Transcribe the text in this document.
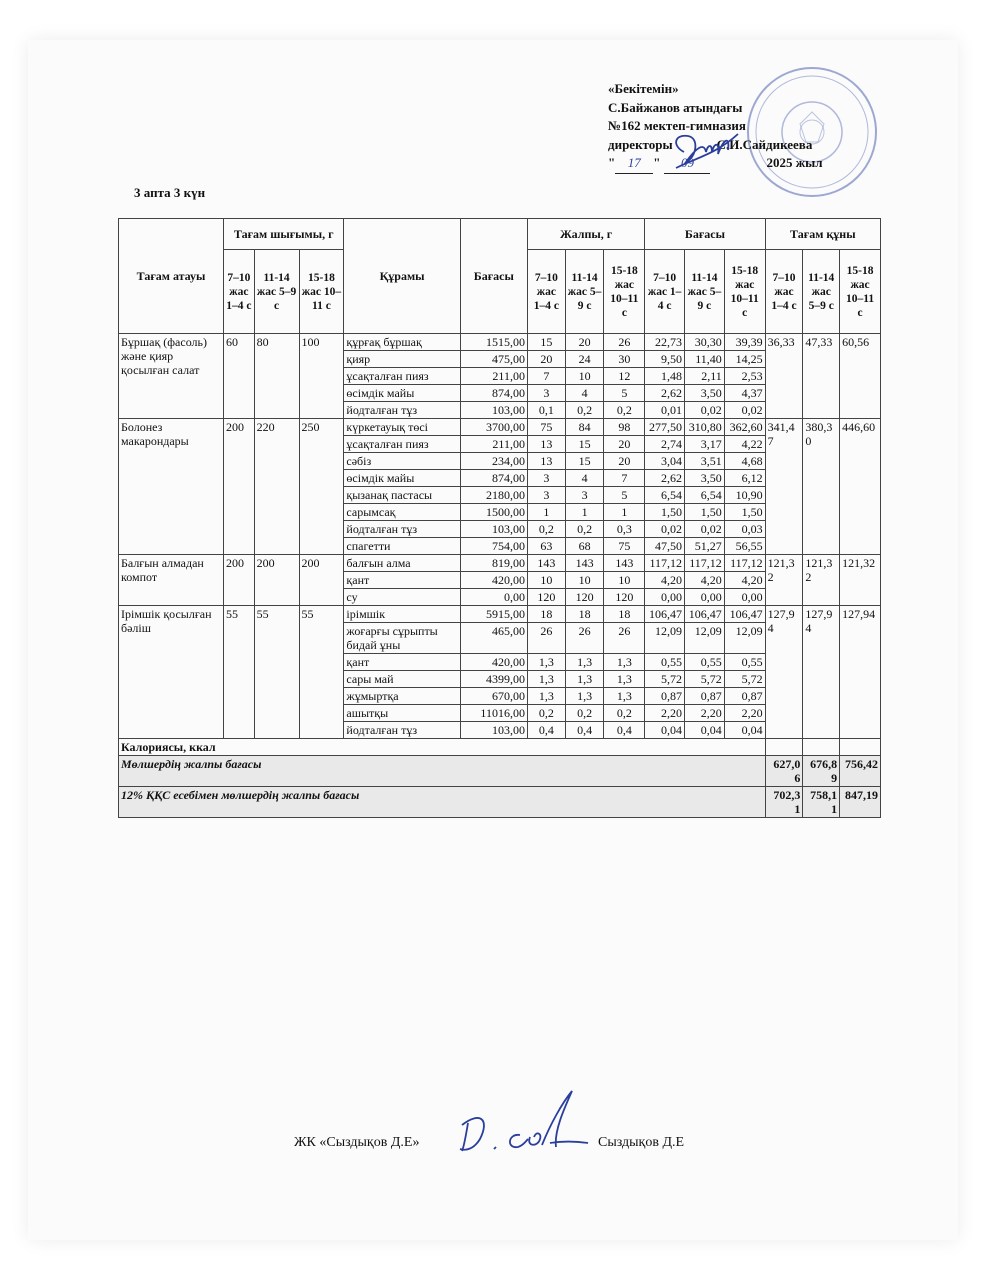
«Бекітемін»
С.Байжанов атындағы
№162 мектеп-гимназия
директоры	С.И.Сайдикеева
" 17 " 09	2025 жыл
3 апта 3 күн
Тағам атауы	Тағам шығымы, г			Құрамы	Бағасы	Жалпы, г			Бағасы			Тағам құны		
	7–10 жас 1–4 с	11-14 жас 5–9 с	15-18 жас 10–11 с			7–10 жас 1–4 с	11-14 жас 5–9 с	15-18 жас 10–11 с	7–10 жас 1–4 с	11-14 жас 5–9 с	15-18 жас 10–11 с	7–10 жас 1–4 с	11-14 жас 5–9 с	15-18 жас 10–11 с
Бұршақ (фасоль) және қияр қосылған салат	60	80	100	құрғақ бұршақ	1515,00	15	20	26	22,73	30,30	39,39	36,33	47,33	60,56
				қияр	475,00	20	24	30	9,50	11,40	14,25			
				ұсақталған пияз	211,00	7	10	12	1,48	2,11	2,53			
				өсімдік майы	874,00	3	4	5	2,62	3,50	4,37			
				йодталған тұз	103,00	0,1	0,2	0,2	0,01	0,02	0,02			
Болонез макарондары	200	220	250	күркетауық төсі	3700,00	75	84	98	277,50	310,80	362,60	341,47	380,30	446,60
				ұсақталған пияз	211,00	13	15	20	2,74	3,17	4,22			
				сәбіз	234,00	13	15	20	3,04	3,51	4,68			
				өсімдік майы	874,00	3	4	7	2,62	3,50	6,12			
				қызанақ пастасы	2180,00	3	3	5	6,54	6,54	10,90			
				сарымсақ	1500,00	1	1	1	1,50	1,50	1,50			
				йодталған тұз	103,00	0,2	0,2	0,3	0,02	0,02	0,03			
				спагетти	754,00	63	68	75	47,50	51,27	56,55			
Балғын алмадан компот	200	200	200	балғын алма	819,00	143	143	143	117,12	117,12	117,12	121,32	121,32	121,32
				қант	420,00	10	10	10	4,20	4,20	4,20			
				су	0,00	120	120	120	0,00	0,00	0,00			
Ірімшік қосылған бәліш	55	55	55	ірімшік	5915,00	18	18	18	106,47	106,47	106,47	127,94	127,94	127,94
				жоғарғы сұрыпты бидай ұны	465,00	26	26	26	12,09	12,09	12,09			
				қант	420,00	1,3	1,3	1,3	0,55	0,55	0,55			
				сары май	4399,00	1,3	1,3	1,3	5,72	5,72	5,72			
				жұмыртқа	670,00	1,3	1,3	1,3	0,87	0,87	0,87			
				ашытқы	11016,00	0,2	0,2	0,2	2,20	2,20	2,20			
				йодталған тұз	103,00	0,4	0,4	0,4	0,04	0,04	0,04			
Калориясы, ккал														
Мөлшердің жалпы бағасы												627,06	676,89	756,42
12% ҚҚС есебімен мөлшердің жалпы бағасы												702,31	758,11	847,19
ЖК «Сыздықов Д.Е»	Сыздықов Д.Е
